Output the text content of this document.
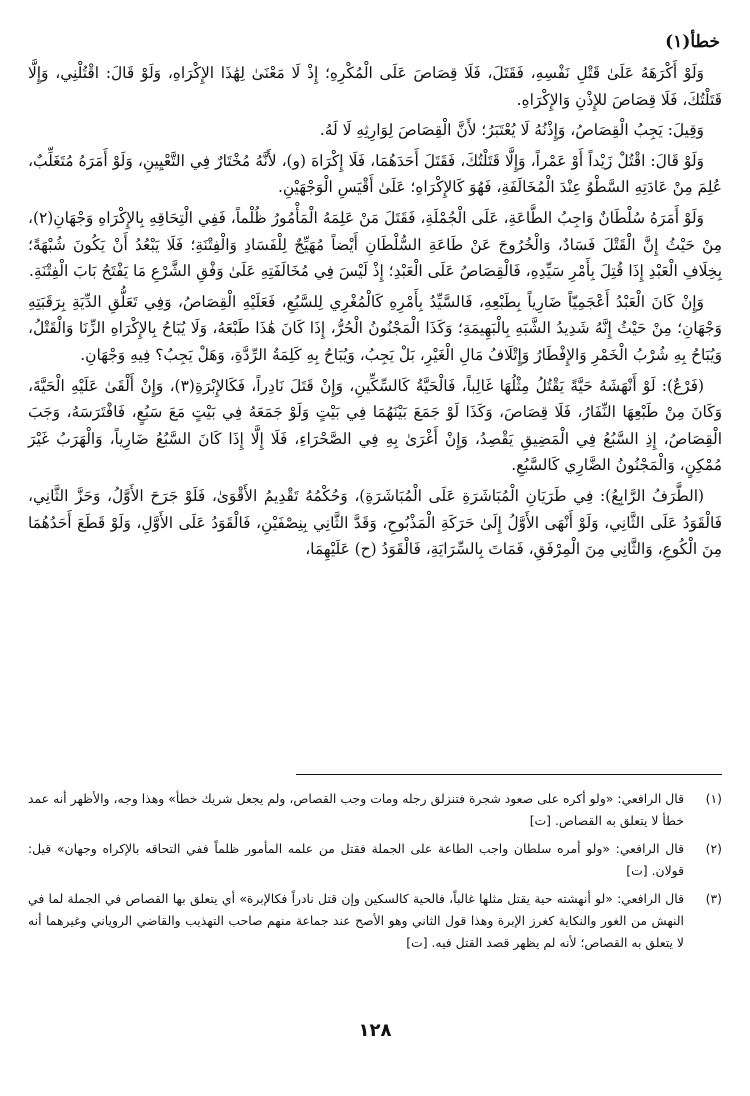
خطأ(١)

وَلَوْ أَكْرَهَهُ عَلَىٰ قَتْلِ نَفْسِهِ، فَقَتَلَ، فَلَا قِصَاصَ عَلَى الْمُكْرِهِ؛ إِذْ لَا مَعْنَىٰ لِهَٰذَا الإِكْرَاهِ، وَلَوْ قَالَ: اقْتُلْنِي، وَإِلَّا قَتَلْتُكَ، فَلَا قِصَاصَ للإِذْنِ وَالإِكْرَاهِ.

وَقِيلَ: يَجِبُ الْقِصَاصُ، وَإِذْنُهُ لَا يُعْتَبَرُ؛ لأَنَّ الْقِصَاصَ لِوَارِثِهِ لَا لَهُ.

وَلَوْ قَالَ: اقْتُلْ زَيْداً أَوْ عَمْراً، وَإِلَّا قَتَلْتُكَ، فَقَتَلَ أَحَدَهُمَا، فَلَا إِكْرَاهَ (و)، لأَنَّهُ مُخْتَارٌ فِي التَّعْيِينِ، وَلَوْ أَمَرَهُ مُتَغَلِّبٌ، عُلِمَ مِنْ عَادَتِهِ السَّطْوُ عِنْدَ الْمُخَالَفَةِ، فَهُوَ كَالإِكْرَاهِ؛ عَلَىٰ أَقْيَسِ الْوَجْهَيْنِ.

وَلَوْ أَمَرَهُ سُلْطَانٌ وَاجِبُ الطَّاعَةِ، عَلَى الْجُمْلَةِ، فَقَتَلَ مَنْ عَلِمَهُ الْمَأْمُورُ ظُلْماً، فَفِي الْتِحَاقِهِ بِالإِكْرَاهِ وَجْهَانِ(٢)، مِنْ حَيْثُ إِنَّ الْقَتْلَ فَسَادٌ، وَالْخُرُوجَ عَنْ طَاعَةِ السُّلْطَانِ أَيْضاً مُهَيِّجٌ لِلْفَسَادِ وَالْفِتْنَةِ؛ فَلَا يَبْعُدُ أَنْ يَكُونَ شُبْهَةً؛ بِخِلَافِ الْعَبْدِ إِذَا قُتِلَ بِأَمْرِ سَيِّدِهِ، فَالْقِصَاصُ عَلَى الْعَبْدِ؛ إِذْ لَيْسَ فِي مُخَالَفَتِهِ عَلَىٰ وَفْقِ الشَّرْعِ مَا يَفْتَحُ بَابَ الْفِتْنَةِ.

وَإِنْ كَانَ الْعَبْدُ أَعْجَمِيّاً ضَارِياً بِطَبْعِهِ، فَالسَّيِّدُ بِأَمْرِهِ كَالْمُغْرِي لِلسَّبُعِ، فَعَلَيْهِ الْقِصَاصُ، وَفِي تَعَلُّقِ الدِّيَةِ بِرَقَبَتِهِ وَجْهَانِ؛ مِنْ حَيْثُ إِنَّهُ شَدِيدُ الشَّبَهِ بِالْبَهِيمَةِ؛ وَكَذَا الْمَجْنُونُ الْحُرُّ، إِذَا كَانَ هَٰذَا طَبْعَهُ، وَلَا يُبَاحُ بِالإِكْرَاهِ الزِّنَا وَالْقَتْلُ، وَيُبَاحُ بِهِ شُرْبُ الْخَمْرِ وَالإِفْطَارُ وَإِتْلَافُ مَالِ الْغَيْرِ، بَلْ يَجِبُ، وَيُبَاحُ بِهِ كَلِمَةُ الرِّدَّةِ، وَهَلْ يَجِبُ؟ فِيهِ وَجْهَانِ.

(فَرْعٌ): لَوْ أَنْهَشَهُ حَيَّةً يَقْتُلُ مِثْلُهَا غَالِباً، فَالْحَيَّةُ كَالسِّكِّينِ، وَإِنْ قَتَلَ نَادِراً، فَكَالإِبْرَةِ(٣)، وَإِنْ أَلْقَىٰ عَلَيْهِ الْحَيَّةَ، وَكَانَ مِنْ طَبْعِهَا النِّفَارُ، فَلَا قِصَاصَ، وَكَذَا لَوْ جَمَعَ بَيْنَهُمَا فِي بَيْتٍ وَلَوْ جَمَعَهُ فِي بَيْتٍ مَعَ سَبُعٍ، فَافْتَرَسَهُ، وَجَبَ الْقِصَاصُ، إِذِ السَّبُعُ فِي الْمَضِيقِ يَقْصِدُ، وَإِنْ أَغْرَىٰ بِهِ فِي الصَّحْرَاءِ، فَلَا إِلَّا إِذَا كَانَ السَّبُعُ ضَارِياً، وَالْهَرَبُ غَيْرَ مُمْكِنٍ، وَالْمَجْنُونُ الضَّارِي كَالسَّبُعِ.

(الطَّرَفُ الرَّابِعُ): فِي طَرَيَانِ الْمُبَاشَرَةِ عَلَى الْمُبَاشَرَةِ)، وَحُكْمُهُ تَقْدِيمُ الأَقْوَىٰ، فَلَوْ جَرَحَ الأَوَّلُ، وَحَزَّ الثَّانِي، فَالْقَوَدُ عَلَى الثَّانِي، وَلَوْ أَنْهَى الأَوَّلُ إِلَىٰ حَرَكَةِ الْمَذْبُوحِ، وَقَدَّ الثَّانِي بِنِصْفَيْنِ، فَالْقَوَدُ عَلَى الأَوَّلِ، وَلَوْ قَطَعَ أَحَدُهُمَا مِنَ الْكُوعِ، وَالثَّانِي مِنَ الْمِرْفَقِ، فَمَاتَ بِالسِّرَايَةِ، فَالْقَوَدُ (ح) عَلَيْهِمَا،

(١)
قال الرافعي: «ولو أكره على صعود شجرة فتنزلق رجله ومات وجب القصاص، ولم يجعل شريك خطأ» وهذا وجه، والأظهر أنه عمد خطأ لا يتعلق به القصاص. [ت]
(٢)
قال الرافعي: «ولو أمره سلطان واجب الطاعة على الجملة فقتل من علمه المأمور ظلماً ففي التحاقه بالإكراه وجهان» قيل: قولان. [ت]
(٣)
قال الرافعي: «لو أنهشته حية يقتل مثلها غالباً، فالحية كالسكين وإن قتل نادراً فكالإبرة» أي يتعلق بها القصاص في الجملة لما في النهش من الغور والنكاية كغرز الإبرة وهذا قول الثاني وهو الأصح عند جماعة منهم صاحب التهذيب والقاضي الروياني وغيرهما أنه لا يتعلق به القصاص؛ لأنه لم يظهر قصد القتل فيه. [ت]
١٢٨
